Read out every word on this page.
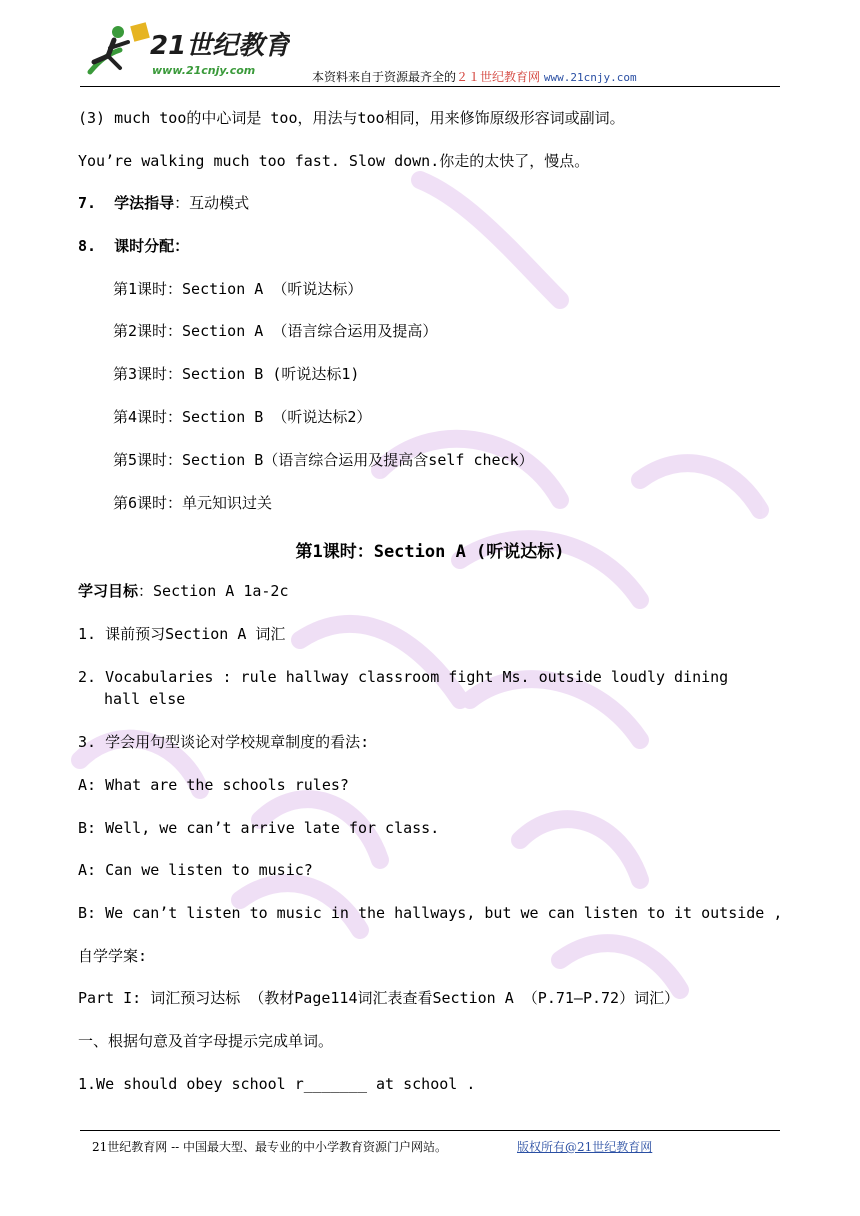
21世纪教育
www.21cnjy.com	本资料来自于资源最齐全的２１世纪教育网 www.21cnjy.com
(3) much too的中心词是 too，用法与too相同，用来修饰原级形容词或副词。
You’re walking much too fast. Slow down.你走的太快了，慢点。
7. 学法指导：互动模式
8. 课时分配：
第1课时：Section A （听说达标）
第2课时：Section A （语言综合运用及提高）
第3课时：Section B (听说达标1)
第4课时：Section B （听说达标2）
第5课时：Section B（语言综合运用及提高含self check）
第6课时：单元知识过关
第1课时：Section A (听说达标)
学习目标：Section A 1a-2c
1. 课前预习Section A 词汇
2. Vocabularies : rule hallway classroom fight Ms. outside loudly dining
hall else
3. 学会用句型谈论对学校规章制度的看法:
A: What are the schools rules?
B: Well, we can’t arrive late for class.
A: Can we listen to music?
B: We can’t listen to music in the hallways, but we can listen to it outside ,
自学学案:
Part I: 词汇预习达标 （教材Page114词汇表查看Section A （P.71—P.72）词汇）
一、根据句意及首字母提示完成单词。
1.We should obey school r_______ at school .
21世纪教育网 -- 中国最大型、最专业的中小学教育资源门户网站。	版权所有@21世纪教育网
